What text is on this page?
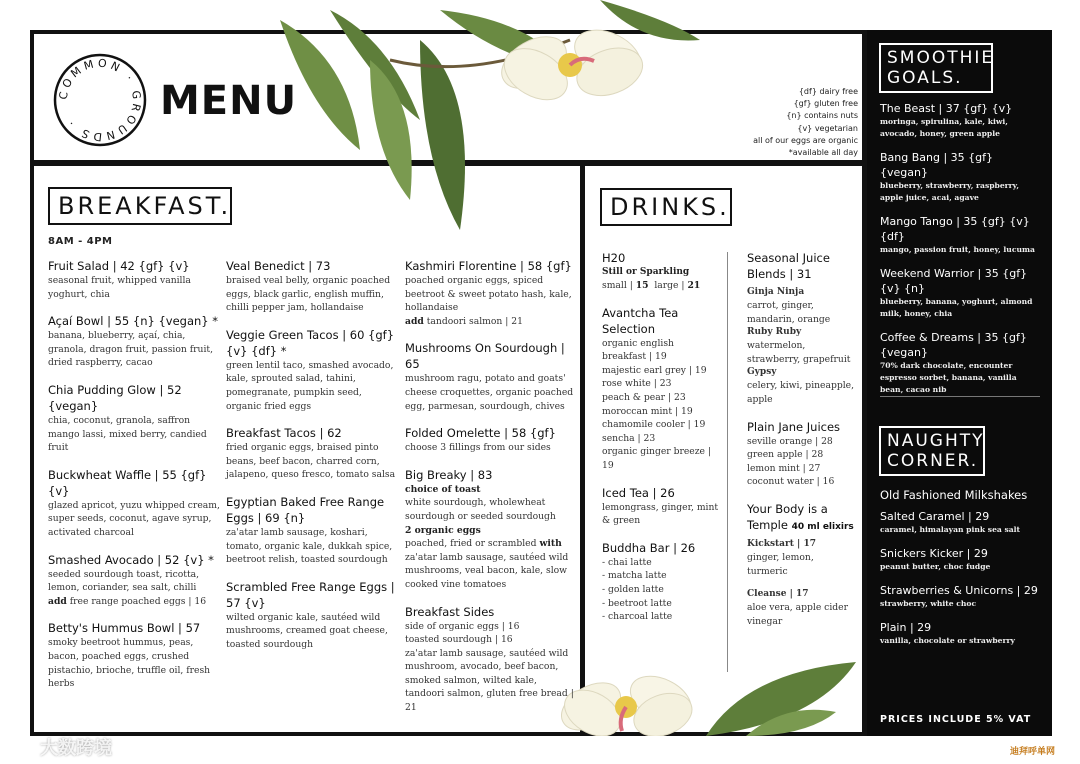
COMMON · GROUNDS ·	MENU	{df} dairy free
{gf} gluten free
{n} contains nuts
{v} vegetarian
all of our eggs are organic
*available all day
BREAKFAST.
8AM - 4PM
Fruit Salad | 42 {gf} {v}
seasonal fruit, whipped vanilla yoghurt, chia
Açaí Bowl | 55 {n} {vegan} *
banana, blueberry, açaí, chia, granola, dragon fruit, passion fruit, dried raspberry, cacao
Chia Pudding Glow | 52 {vegan}
chia, coconut, granola, saffron mango lassi, mixed berry, candied fruit
Buckwheat Waffle | 55 {gf} {v}
glazed apricot, yuzu whipped cream, super seeds, coconut, agave syrup, activated charcoal
Smashed Avocado | 52 {v} *
seeded sourdough toast, ricotta, lemon, coriander, sea salt, chilli
add free range poached eggs | 16
Betty's Hummus Bowl | 57
smoky beetroot hummus, peas, bacon, poached eggs, crushed pistachio, brioche, truffle oil, fresh herbs
Veal Benedict | 73
braised veal belly, organic poached eggs, black garlic, english muffin, chilli pepper jam, hollandaise
Veggie Green Tacos | 60 {gf} {v} {df} *
green lentil taco, smashed avocado, kale, sprouted salad, tahini, pomegranate, pumpkin seed, organic fried eggs
Breakfast Tacos | 62
fried organic eggs, braised pinto beans, beef bacon, charred corn, jalapeno, queso fresco, tomato salsa
Egyptian Baked Free Range Eggs | 69 {n}
za'atar lamb sausage, koshari, tomato, organic kale, dukkah spice, beetroot relish, toasted sourdough
Scrambled Free Range Eggs | 57 {v}
wilted organic kale, sautéed wild mushrooms, creamed goat cheese, toasted sourdough
Kashmiri Florentine | 58 {gf}
poached organic eggs, spiced beetroot & sweet potato hash, kale, hollandaise
add tandoori salmon | 21
Mushrooms On Sourdough | 65
mushroom ragu, potato and goats' cheese croquettes, organic poached egg, parmesan, sourdough, chives
Folded Omelette | 58 {gf}
choose 3 fillings from our sides
Big Breaky | 83
choice of toast
white sourdough, wholewheat sourdough or seeded sourdough
2 organic eggs
poached, fried or scrambled with za'atar lamb sausage, sautéed wild mushrooms, veal bacon, kale, slow cooked vine tomatoes
Breakfast Sides
side of organic eggs | 16
toasted sourdough | 16
za'atar lamb sausage, sautéed wild mushroom, avocado, beef bacon, smoked salmon, wilted kale, tandoori salmon, gluten free bread | 21
DRINKS.
H20
Still or Sparkling
small | 15 large | 21
Avantcha Tea Selection
organic english breakfast | 19
majestic earl grey | 19
rose white | 23
peach & pear | 23
moroccan mint | 19
chamomile cooler | 19
sencha | 23
organic ginger breeze | 19
Iced Tea | 26
lemongrass, ginger, mint & green
Buddha Bar | 26
- chai latte
- matcha latte
- golden latte
- beetroot latte
- charcoal latte
Seasonal Juice Blends | 31
Ginja Ninja
carrot, ginger, mandarin, orange
Ruby Ruby
watermelon, strawberry, grapefruit
Gypsy
celery, kiwi, pineapple, apple
Plain Jane Juices
seville orange | 28
green apple | 28
lemon mint | 27
coconut water | 16
Your Body is a Temple 40 ml elixirs
Kickstart | 17
ginger, lemon, turmeric
Cleanse | 17
aloe vera, apple cider vinegar
SMOOTHIE
GOALS.
The Beast | 37 {gf} {v}
moringa, spirulina, kale, kiwi, avocado, honey, green apple
Bang Bang | 35 {gf} {vegan}
blueberry, strawberry, raspberry, apple juice, acai, agave
Mango Tango | 35 {gf} {v} {df}
mango, passion fruit, honey, lucuma
Weekend Warrior | 35 {gf} {v} {n}
blueberry, banana, yoghurt, almond milk, honey, chia
Coffee & Dreams | 35 {gf} {vegan}
70% dark chocolate, encounter espresso sorbet, banana, vanilla bean, cacao nib
NAUGHTY
CORNER.
Old Fashioned Milkshakes
Salted Caramel | 29
caramel, himalayan pink sea salt
Snickers Kicker | 29
peanut butter, choc fudge
Strawberries & Unicorns | 29
strawberry, white choc
Plain | 29
vanilla, chocolate or strawberry
PRICES INCLUDE 5% VAT
大数跨境	迪拜呼单网
